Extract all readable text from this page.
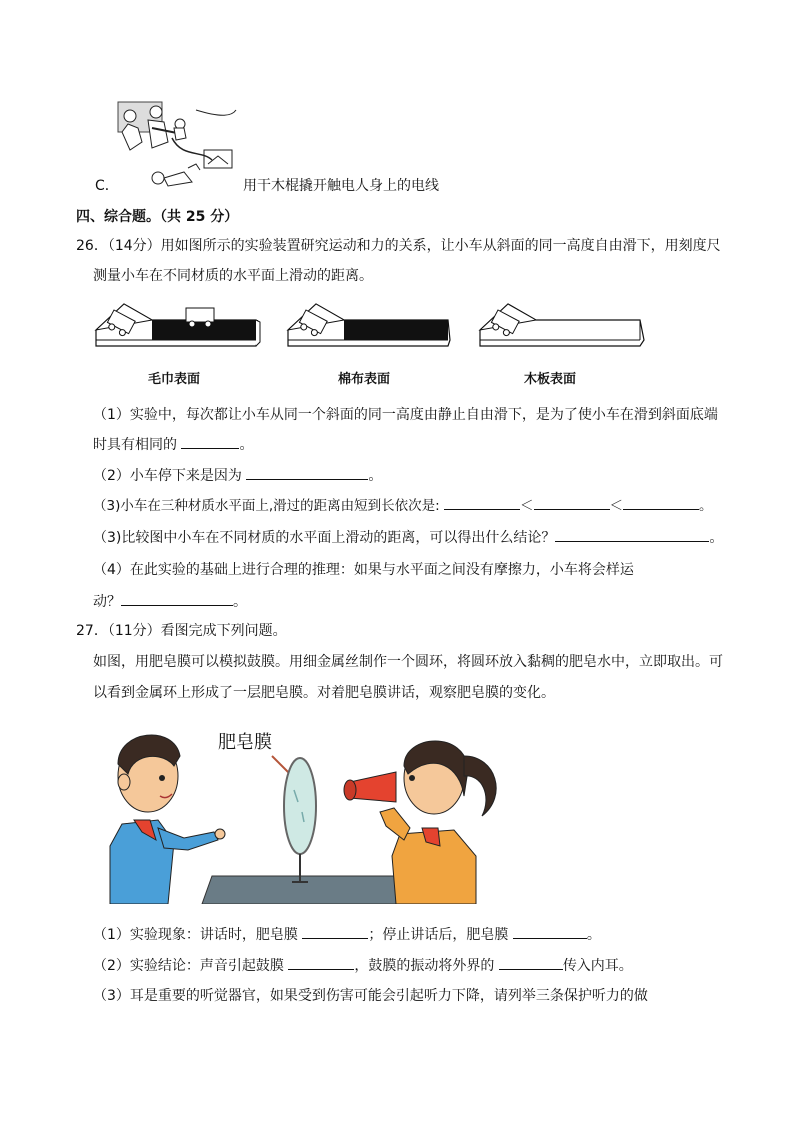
C．	用干木棍撬开触电人身上的电线
四、综合题。（共 25 分）
26．（14分）用如图所示的实验装置研究运动和力的关系，让小车从斜面的同一高度自由滑下，用刻度尺
测量小车在不同材质的水平面上滑动的距离。
毛巾表面	棉布表面	木板表面
（1）实验中，每次都让小车从同一个斜面的同一高度由静止自由滑下，是为了使小车在滑到斜面底端
时具有相同的	。
（2）小车停下来是因为	。
（3)小车在三种材质水平面上,滑过的距离由短到长依次是:	＜	＜	。
（3)比较图中小车在不同材质的水平面上滑动的距离，可以得出什么结论？	。
（4）在此实验的基础上进行合理的推理：如果与水平面之间没有摩擦力，小车将会样运
动？	。
27．（11分）看图完成下列问题。
如图，用肥皂膜可以模拟鼓膜。用细金属丝制作一个圆环，将圆环放入黏稠的肥皂水中，立即取出。可
以看到金属环上形成了一层肥皂膜。对着肥皂膜讲话，观察肥皂膜的变化。
肥皂膜
（1）实验现象：讲话时，肥皂膜	；停止讲话后，肥皂膜	。
（2）实验结论：声音引起鼓膜	，鼓膜的振动将外界的	传入内耳。
（3）耳是重要的听觉器官，如果受到伤害可能会引起听力下降，请列举三条保护听力的做
